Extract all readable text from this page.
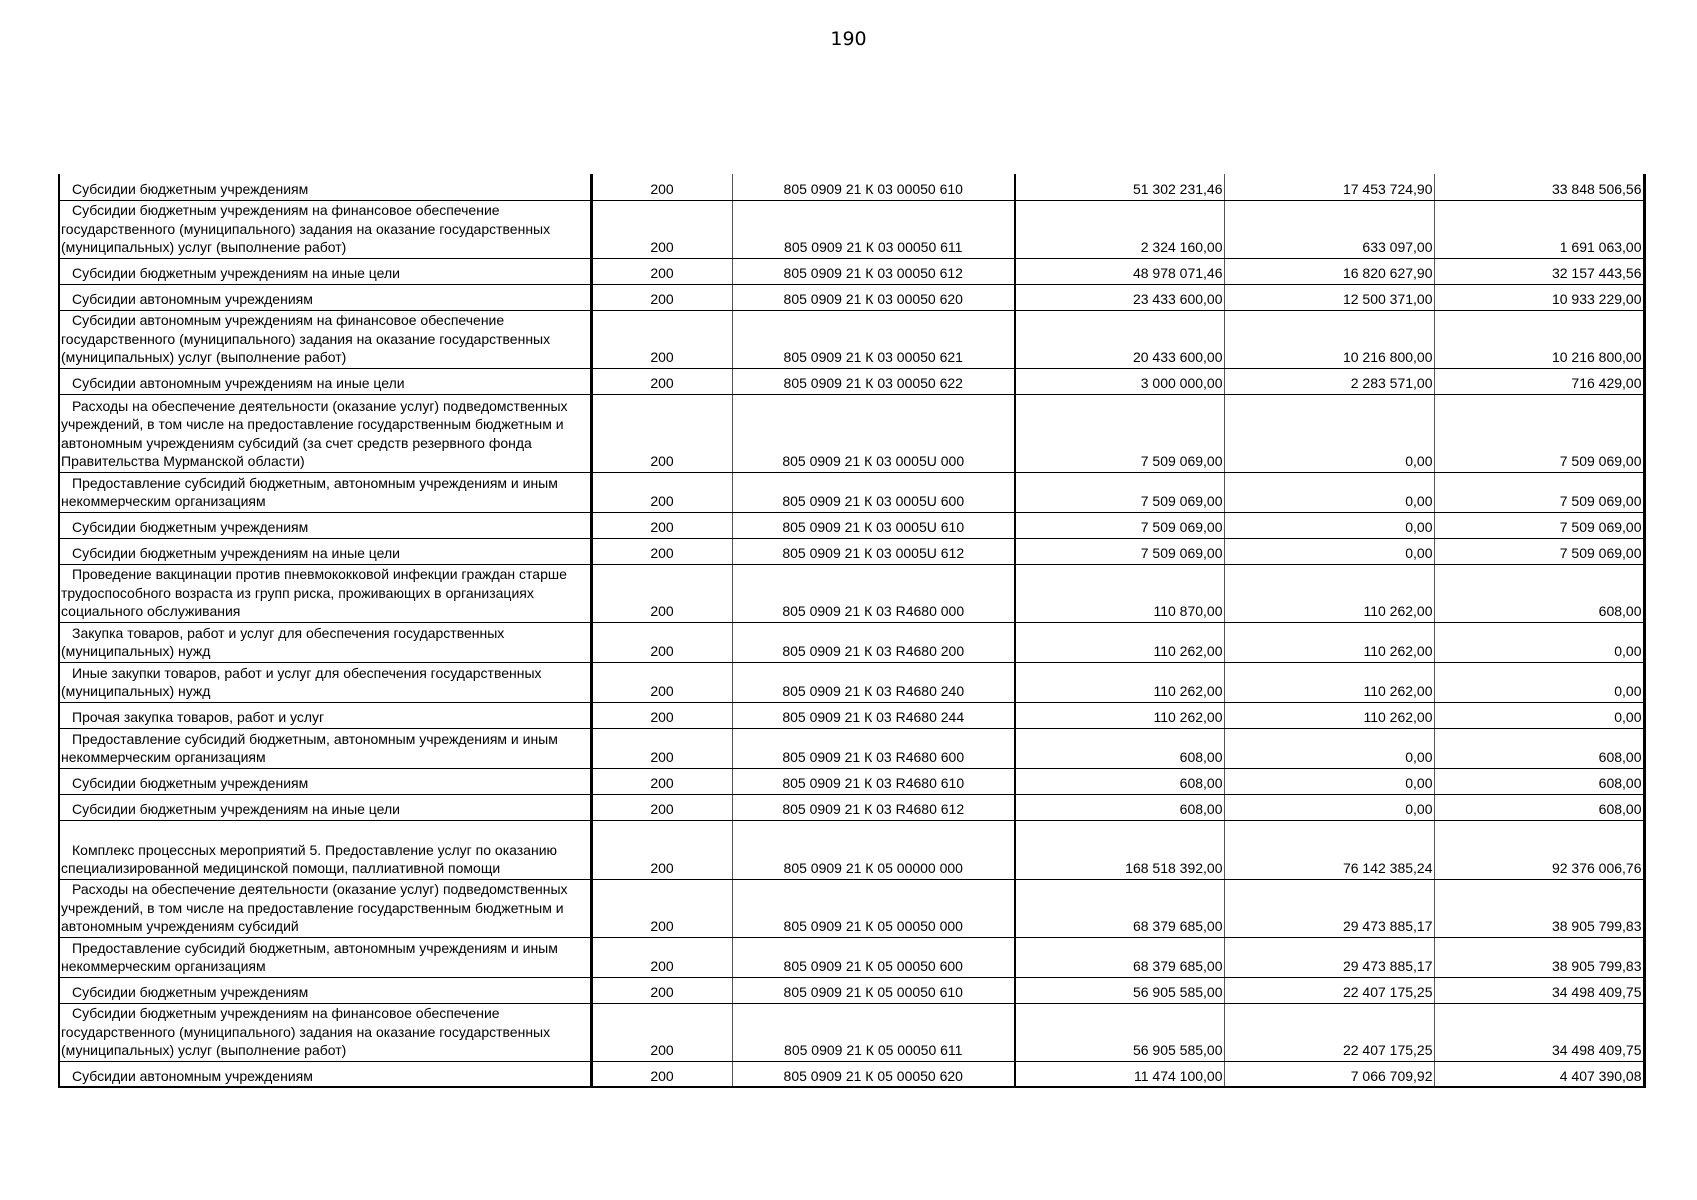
190
Субсидии бюджетным учреждениям	200	805 0909 21 К 03 00050 610	51 302 231,46	17 453 724,90	33 848 506,56
Субсидии бюджетным учреждениям на финансовое обеспечение государственного (муниципального) задания на оказание государственных (муниципальных) услуг (выполнение работ)	200	805 0909 21 К 03 00050 611	2 324 160,00	633 097,00	1 691 063,00
Субсидии бюджетным учреждениям на иные цели	200	805 0909 21 К 03 00050 612	48 978 071,46	16 820 627,90	32 157 443,56
Субсидии автономным учреждениям	200	805 0909 21 К 03 00050 620	23 433 600,00	12 500 371,00	10 933 229,00
Субсидии автономным учреждениям на финансовое обеспечение государственного (муниципального) задания на оказание государственных (муниципальных) услуг (выполнение работ)	200	805 0909 21 К 03 00050 621	20 433 600,00	10 216 800,00	10 216 800,00
Субсидии автономным учреждениям на иные цели	200	805 0909 21 К 03 00050 622	3 000 000,00	2 283 571,00	716 429,00
Расходы на обеспечение деятельности (оказание услуг) подведомственных учреждений, в том числе на предоставление государственным бюджетным и автономным учреждениям субсидий (за счет средств резервного фонда Правительства Мурманской области)	200	805 0909 21 К 03 0005U 000	7 509 069,00	0,00	7 509 069,00
Предоставление субсидий бюджетным, автономным учреждениям и иным некоммерческим организациям	200	805 0909 21 К 03 0005U 600	7 509 069,00	0,00	7 509 069,00
Субсидии бюджетным учреждениям	200	805 0909 21 К 03 0005U 610	7 509 069,00	0,00	7 509 069,00
Субсидии бюджетным учреждениям на иные цели	200	805 0909 21 К 03 0005U 612	7 509 069,00	0,00	7 509 069,00
Проведение вакцинации против пневмококковой инфекции граждан старше трудоспособного возраста из групп риска, проживающих в организациях социального обслуживания	200	805 0909 21 К 03 R4680 000	110 870,00	110 262,00	608,00
Закупка товаров, работ и услуг для обеспечения государственных (муниципальных) нужд	200	805 0909 21 К 03 R4680 200	110 262,00	110 262,00	0,00
Иные закупки товаров, работ и услуг для обеспечения государственных (муниципальных) нужд	200	805 0909 21 К 03 R4680 240	110 262,00	110 262,00	0,00
Прочая закупка товаров, работ и услуг	200	805 0909 21 К 03 R4680 244	110 262,00	110 262,00	0,00
Предоставление субсидий бюджетным, автономным учреждениям и иным некоммерческим организациям	200	805 0909 21 К 03 R4680 600	608,00	0,00	608,00
Субсидии бюджетным учреждениям	200	805 0909 21 К 03 R4680 610	608,00	0,00	608,00
Субсидии бюджетным учреждениям на иные цели	200	805 0909 21 К 03 R4680 612	608,00	0,00	608,00
Комплекс процессных мероприятий 5. Предоставление услуг по оказанию специализированной медицинской помощи, паллиативной помощи	200	805 0909 21 К 05 00000 000	168 518 392,00	76 142 385,24	92 376 006,76
Расходы на обеспечение деятельности (оказание услуг) подведомственных учреждений, в том числе на предоставление государственным бюджетным и автономным учреждениям субсидий	200	805 0909 21 К 05 00050 000	68 379 685,00	29 473 885,17	38 905 799,83
Предоставление субсидий бюджетным, автономным учреждениям и иным некоммерческим организациям	200	805 0909 21 К 05 00050 600	68 379 685,00	29 473 885,17	38 905 799,83
Субсидии бюджетным учреждениям	200	805 0909 21 К 05 00050 610	56 905 585,00	22 407 175,25	34 498 409,75
Субсидии бюджетным учреждениям на финансовое обеспечение государственного (муниципального) задания на оказание государственных (муниципальных) услуг (выполнение работ)	200	805 0909 21 К 05 00050 611	56 905 585,00	22 407 175,25	34 498 409,75
Субсидии автономным учреждениям	200	805 0909 21 К 05 00050 620	11 474 100,00	7 066 709,92	4 407 390,08
